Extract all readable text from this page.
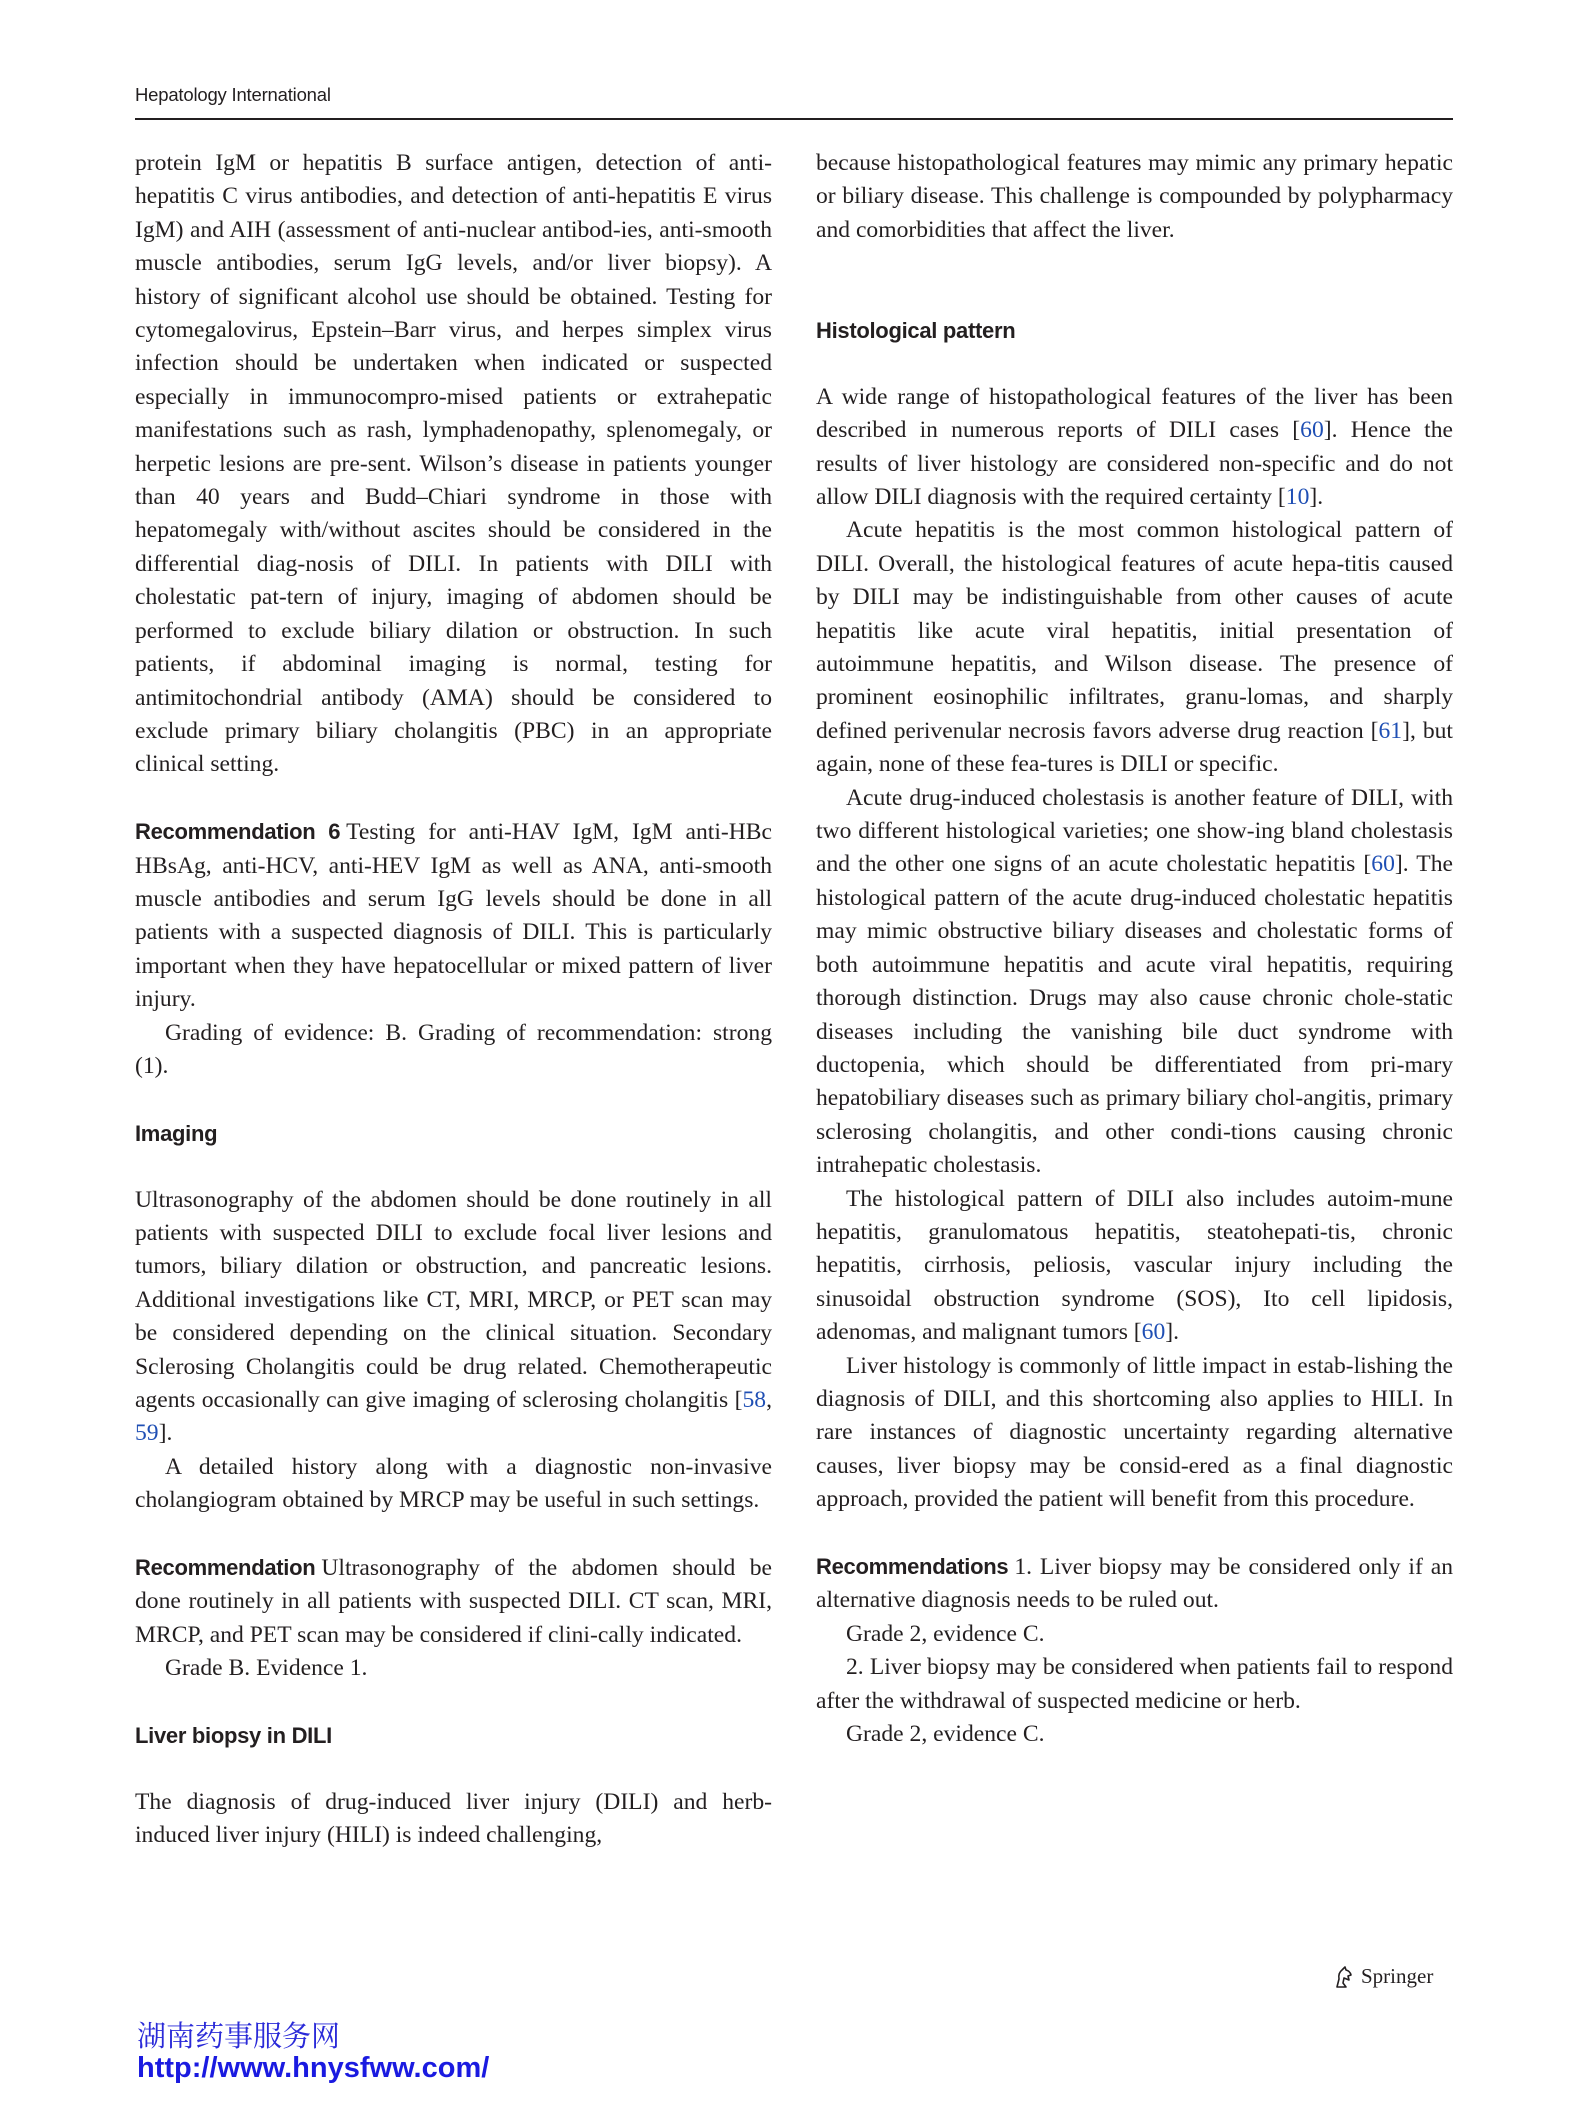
Hepatology International

protein IgM or hepatitis B surface antigen, detection of anti-hepatitis C virus antibodies, and detection of anti-hepatitis E virus IgM) and AIH (assessment of anti-nuclear antibod-ies, anti-smooth muscle antibodies, serum IgG levels, and/or liver biopsy). A history of significant alcohol use should be obtained. Testing for cytomegalovirus, Epstein–Barr virus, and herpes simplex virus infection should be undertaken when indicated or suspected especially in immunocompro-mised patients or extrahepatic manifestations such as rash, lymphadenopathy, splenomegaly, or herpetic lesions are pre-sent. Wilson’s disease in patients younger than 40 years and Budd–Chiari syndrome in those with hepatomegaly with/without ascites should be considered in the differential diag-nosis of DILI. In patients with DILI with cholestatic pat-tern of injury, imaging of abdomen should be performed to exclude biliary dilation or obstruction. In such patients, if abdominal imaging is normal, testing for antimitochondrial antibody (AMA) should be considered to exclude primary biliary cholangitis (PBC) in an appropriate clinical setting.

Recommendation 6 Testing for anti-HAV IgM, IgM anti-HBc HBsAg, anti-HCV, anti-HEV IgM as well as ANA, anti-smooth muscle antibodies and serum IgG levels should be done in all patients with a suspected diagnosis of DILI. This is particularly important when they have hepatocellular or mixed pattern of liver injury.

Grading of evidence: B. Grading of recommendation: strong (1).

Imaging

Ultrasonography of the abdomen should be done routinely in all patients with suspected DILI to exclude focal liver lesions and tumors, biliary dilation or obstruction, and pancreatic lesions. Additional investigations like CT, MRI, MRCP, or PET scan may be considered depending on the clinical situation. Secondary Sclerosing Cholangitis could be drug related. Chemotherapeutic agents occasionally can give imaging of sclerosing cholangitis [58, 59].

A detailed history along with a diagnostic non-invasive cholangiogram obtained by MRCP may be useful in such settings.

Recommendation Ultrasonography of the abdomen should be done routinely in all patients with suspected DILI. CT scan, MRI, MRCP, and PET scan may be considered if clini-cally indicated.

Grade B. Evidence 1.

Liver biopsy in DILI

The diagnosis of drug-induced liver injury (DILI) and herb-induced liver injury (HILI) is indeed challenging,

because histopathological features may mimic any primary hepatic or biliary disease. This challenge is compounded by polypharmacy and comorbidities that affect the liver.

Histological pattern

A wide range of histopathological features of the liver has been described in numerous reports of DILI cases [60]. Hence the results of liver histology are considered non-specific and do not allow DILI diagnosis with the required certainty [10].

Acute hepatitis is the most common histological pattern of DILI. Overall, the histological features of acute hepa-titis caused by DILI may be indistinguishable from other causes of acute hepatitis like acute viral hepatitis, initial presentation of autoimmune hepatitis, and Wilson disease. The presence of prominent eosinophilic infiltrates, granu-lomas, and sharply defined perivenular necrosis favors adverse drug reaction [61], but again, none of these fea-tures is DILI or specific.

Acute drug-induced cholestasis is another feature of DILI, with two different histological varieties; one show-ing bland cholestasis and the other one signs of an acute cholestatic hepatitis [60]. The histological pattern of the acute drug-induced cholestatic hepatitis may mimic obstructive biliary diseases and cholestatic forms of both autoimmune hepatitis and acute viral hepatitis, requiring thorough distinction. Drugs may also cause chronic chole-static diseases including the vanishing bile duct syndrome with ductopenia, which should be differentiated from pri-mary hepatobiliary diseases such as primary biliary chol-angitis, primary sclerosing cholangitis, and other condi-tions causing chronic intrahepatic cholestasis.

The histological pattern of DILI also includes autoim-mune hepatitis, granulomatous hepatitis, steatohepati-tis, chronic hepatitis, cirrhosis, peliosis, vascular injury including the sinusoidal obstruction syndrome (SOS), Ito cell lipidosis, adenomas, and malignant tumors [60].

Liver histology is commonly of little impact in estab-lishing the diagnosis of DILI, and this shortcoming also applies to HILI. In rare instances of diagnostic uncertainty regarding alternative causes, liver biopsy may be consid-ered as a final diagnostic approach, provided the patient will benefit from this procedure.

Recommendations 1. Liver biopsy may be considered only if an alternative diagnosis needs to be ruled out.

Grade 2, evidence C.

2. Liver biopsy may be considered when patients fail to respond after the withdrawal of suspected medicine or herb.

Grade 2, evidence C.

Springer
湖南药事服务网
http://www.hnysfww.com/
